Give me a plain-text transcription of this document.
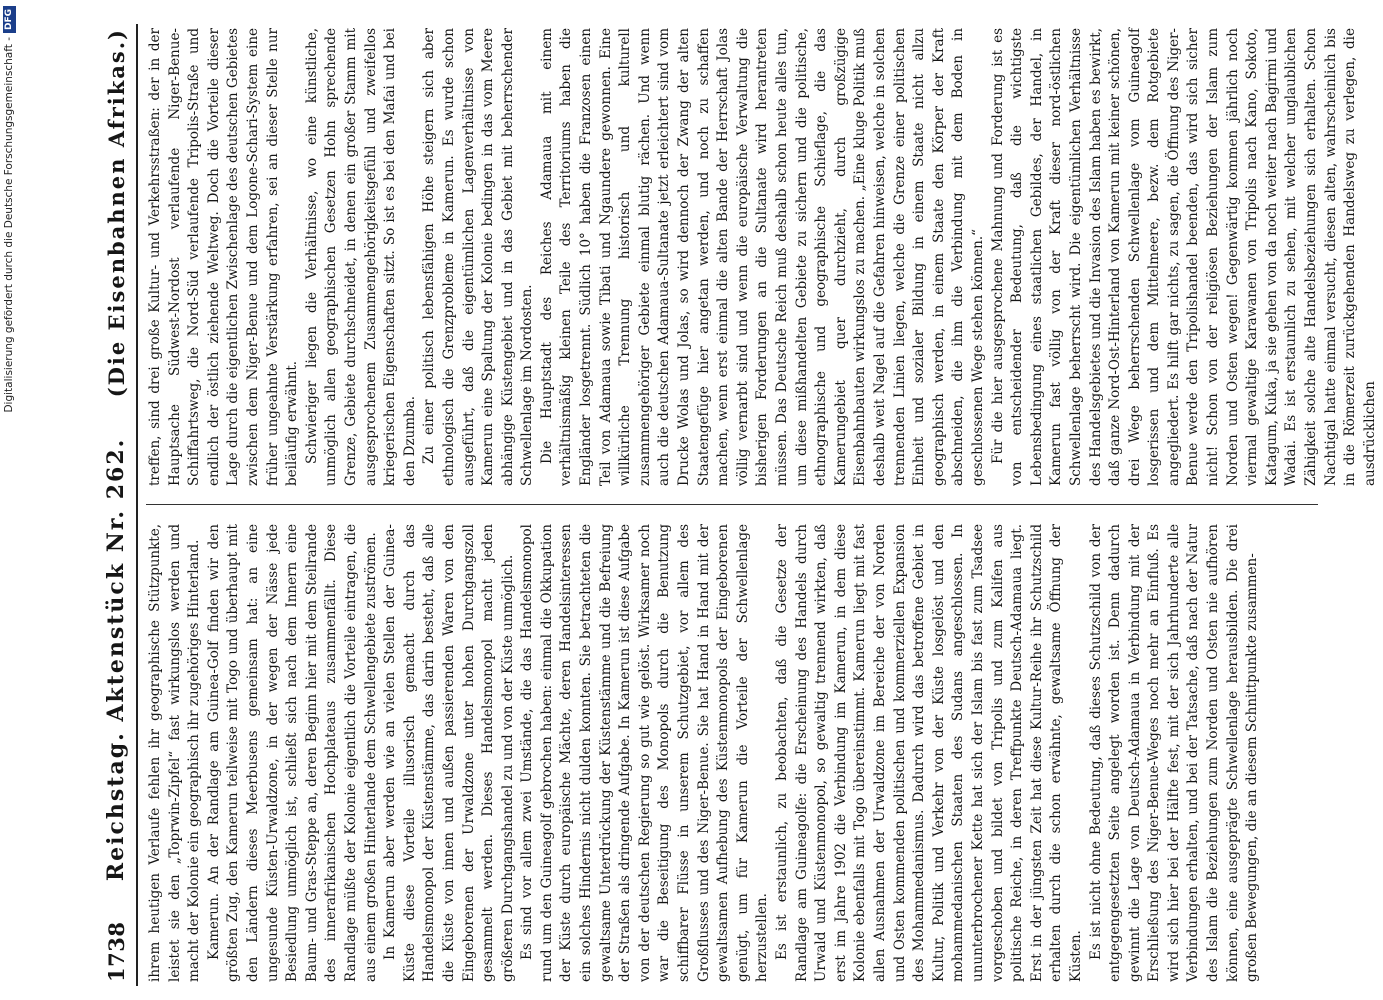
1738
Reichstag. Aktenstück Nr. 262.
(Die Eisenbahnen Afrikas.)

ihrem heutigen Verlaufe fehlen ihr geographische Stützpunkte, leistet sie den „Toprwin-Zipfel“ fast wirkungslos werden und macht der Kolonie ein geographisch ihr zugehöriges Hinterland. Kamerun. An der Randlage am Guinea-Golf finden wir den größten Zug, den Kamerun teilweise mit Togo und überhaupt mit den Ländern dieses Meerbusens gemeinsam hat: an eine ungesunde Küsten-Urwaldzone, in der wegen der Nässe jede Besiedlung unmöglich ist, schließt sich nach dem Innern eine Baum- und Gras-Steppe an, deren Beginn hier mit dem Steilrande des innerafrikanischen Hochplateaus zusammenfällt. Diese Randlage müßte der Kolonie eigentlich die Vorteile eintragen, die aus einem großen Hinterlande dem Schwellengebiete zuströmen. In Kamerun aber werden wie an vielen Stellen der Guinea-Küste diese Vorteile illusorisch gemacht durch das Handelsmonopol der Küstenstämme, das darin besteht, daß alle die Küste von innen und außen passierenden Waren von den Eingeborenen der Urwaldzone unter hohen Durchgangszoll gesammelt werden. Dieses Handelsmonopol macht jeden größeren Durchgangshandel zu und von der Küste unmöglich. Es sind vor allem zwei Umstände, die das Handelsmonopol rund um den Guineagolf gebrochen haben: einmal die Okkupation der Küste durch europäische Mächte, deren Handelsinteressen ein solches Hindernis nicht dulden konnten. Sie betrachteten die gewaltsame Unterdrückung der Küstenstämme und die Befreiung der Straßen als dringende Aufgabe. In Kamerun ist diese Aufgabe von der deutschen Regierung so gut wie gelöst. Wirksamer noch war die Beseitigung des Monopols durch die Benutzung schiffbarer Flüsse in unserem Schutzgebiet, vor allem des Großflusses und des Niger-Benue. Sie hat Hand in Hand mit der gewaltsamen Aufhebung des Küstenmonopols der Eingeborenen genügt, um für Kamerun die Vorteile der Schwellenlage herzustellen. Es ist erstaunlich, zu beobachten, daß die Gesetze der Randlage am Guineagolfe: die Erscheinung des Handels durch Urwald und Küstenmonopol, so gewaltig trennend wirkten, daß erst im Jahre 1902 die Verbindung im Kamerun, in dem diese Kolonie ebenfalls mit Togo übereinstimmt. Kamerun liegt mit fast allen Ausnahmen der Urwaldzone im Bereiche der von Norden und Osten kommenden politischen und kommerziellen Expansion des Mohammedanismus. Dadurch wird das betroffene Gebiet in Kultur, Politik und Verkehr von der Küste losgelöst und den mohammedanischen Staaten des Sudans angeschlossen. In ununterbrochener Kette hat sich der Islam bis fast zum Tsadsee vorgeschoben und bildet von Tripolis und zum Kalifen aus politische Reiche, in deren Treffpunkte Deutsch-Adamaua liegt. Erst in der jüngsten Zeit hat diese Kultur-Reihe ihr Schutzschild erhalten durch die schon erwähnte, gewaltsame Öffnung der Küsten. Es ist nicht ohne Bedeutung, daß dieses Schutzschild von der entgegengesetzten Seite angelegt worden ist. Denn dadurch gewinnt die Lage von Deutsch-Adamaua in Verbindung mit der Erschließung des Niger-Benue-Weges noch mehr an Einfluß. Es wird sich hier bei der Hälfte fest, mit der sich Jahrhunderte alle Verbindungen erhalten, und bei der Tatsache, daß nach der Natur des Islam die Beziehungen zum Norden und Osten nie aufhören können, eine ausgeprägte Schwellenlage herausbilden. Die drei großen Bewegungen, die an diesem Schnittpunkte zusammen-

treffen, sind drei große Kultur- und Verkehrsstraßen: der in der Hauptsache Südwest-Nordost verlaufende Niger-Benue-Schiffahrtsweg, die Nord-Süd verlaufende Tripolis-Straße und endlich der östlich ziehende Weltweg. Doch die Vorteile dieser Lage durch die eigentlichen Zwischenlage des deutschen Gebietes zwischen dem Niger-Benue und dem Logone-Schari-System eine früher ungeahnte Verstärkung erfahren, sei an dieser Stelle nur beiläufig erwähnt. Schwieriger liegen die Verhältnisse, wo eine künstliche, unmöglich allen geographischen Gesetzen Hohn sprechende Grenze, Gebiete durchschneidet, in denen ein großer Stamm mit ausgesprochenem Zusammengehörigkeitsgefühl und zweifellos kriegerischen Eigenschaften sitzt. So ist es bei den Mafai und bei den Dzumba. Zu einer politisch lebensfähigen Höhe steigern sich aber ethnologisch die Grenzprobleme in Kamerun. Es wurde schon ausgeführt, daß die eigentümlichen Lagenverhältnisse von Kamerun eine Spaltung der Kolonie bedingen in das vom Meere abhängige Küstengebiet und in das Gebiet mit beherrschender Schwellenlage im Nordosten. Die Hauptstadt des Reiches Adamaua mit einem verhältnismäßig kleinen Teile des Territoriums haben die Engländer losgetrennt. Südlich 10° haben die Franzosen einen Teil von Adamaua sowie Tibati und Ngaundere gewonnen. Eine willkürliche Trennung historisch und kulturell zusammengehöriger Gebiete einmal blutig rächen. Und wenn auch die deutschen Adamaua-Sultanate jetzt erleichtert sind vom Drucke Wolas und Jolas, so wird dennoch der Zwang der alten Staatengefüge hier angetan werden, und noch zu schaffen machen, wenn erst einmal die alten Bande der Herrschaft Jolas völlig vernarbt sind und wenn die europäische Verwaltung die bisherigen Forderungen an die Sultanate wird herantreten müssen. Das Deutsche Reich muß deshalb schon heute alles tun, um diese mißhandelten Gebiete zu sichern und die politische, ethnographische und geographische Schieflage, die das Kamerungebiet quer durchzieht, durch großzügige Eisenbahnbauten wirkungslos zu machen. „Eine kluge Politik muß deshalb weit Nagel auf die Gefahren hinweisen, welche in solchen trennenden Linien liegen, welche die Grenze einer politischen Einheit und sozialer Bildung in einem Staate nicht allzu geographisch werden, in einem Staate den Körper der Kraft abschneiden, die ihm die Verbindung mit dem Boden in geschlossenen Wege stehen können.“ Für die hier ausgesprochene Mahnung und Forderung ist es von entscheidender Bedeutung, daß die wichtigste Lebensbedingung eines staatlichen Gebildes, der Handel, in Kamerun fast völlig von der Kraft dieser nord-östlichen Schwellenlage beherrscht wird. Die eigentümlichen Verhältnisse des Handelsgebietes und die Invasion des Islam haben es bewirkt, daß ganze Nord-Ost-Hinterland von Kamerun mit keiner schönen, drei Wege beherrschenden Schwellenlage vom Guineagolf losgerissen und dem Mittelmeere, bezw. dem Rotgebiete angegliedert. Es hilft gar nichts, zu sagen, die Öffnung des Niger-Benue werde den Tripolishandel beenden, das wird sich sicher nicht! Schon von der religiösen Beziehungen der Islam zum Norden und Osten wegen! Gegenwärtig kommen jährlich noch viermal gewaltige Karawanen von Tripolis nach Kano, Sokoto, Katagum, Kuka, ja sie gehen von da noch weiter nach Bagirmi und Wadai. Es ist erstaunlich zu sehen, mit welcher unglaublichen Zähigkeit solche alte Handelsbeziehungen sich erhalten. Schon Nachtigal hatte einmal versucht, diesen alten, wahrscheinlich bis in die Römerzeit zurückgehenden Handelsweg zu verlegen, die ausdrücklichen

Digitalisierung gefördert durch die Deutsche Forschungsgemeinschaft -
DFG
